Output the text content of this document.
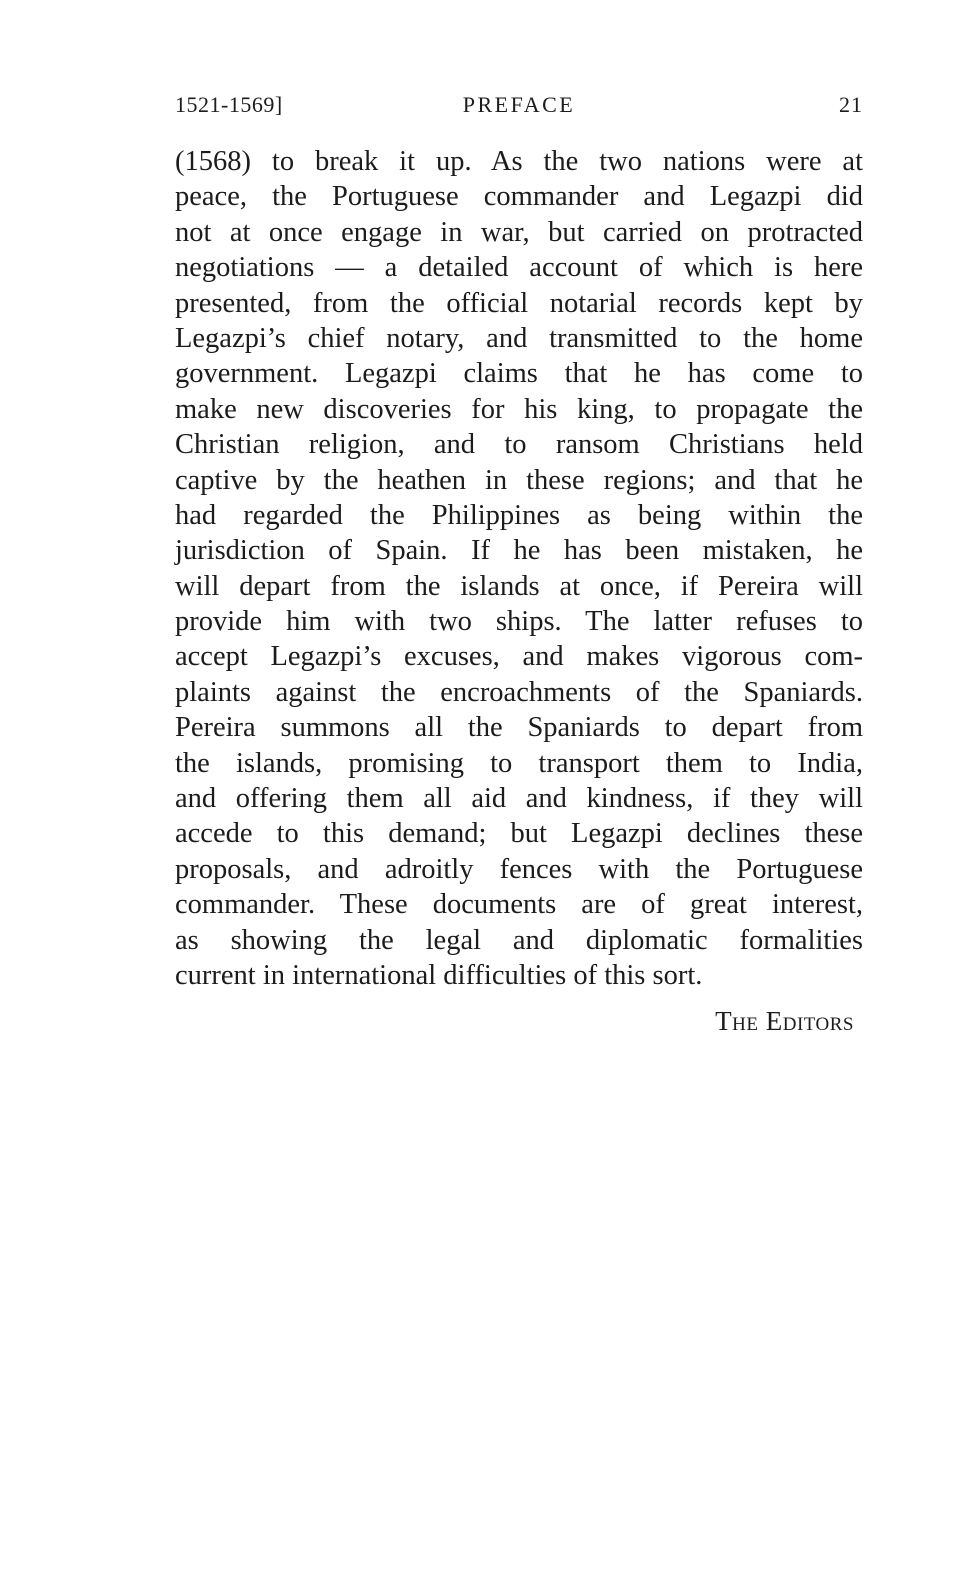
1521-1569]	PREFACE	21
(1568) to break it up. As the two nations were at
peace, the Portuguese commander and Legazpi did
not at once engage in war, but carried on protracted
negotiations — a detailed account of which is here
presented, from the official notarial records kept by
Legazpi’s chief notary, and transmitted to the home
government. Legazpi claims that he has come to
make new discoveries for his king, to propagate the
Christian religion, and to ransom Christians held
captive by the heathen in these regions; and that he
had regarded the Philippines as being within the
jurisdiction of Spain. If he has been mistaken, he
will depart from the islands at once, if Pereira will
provide him with two ships. The latter refuses to
accept Legazpi’s excuses, and makes vigorous com-
plaints against the encroachments of the Spaniards.
Pereira summons all the Spaniards to depart from
the islands, promising to transport them to India,
and offering them all aid and kindness, if they will
accede to this demand; but Legazpi declines these
proposals, and adroitly fences with the Portuguese
commander. These documents are of great interest,
as showing the legal and diplomatic formalities
current in international difficulties of this sort.
The Editors
